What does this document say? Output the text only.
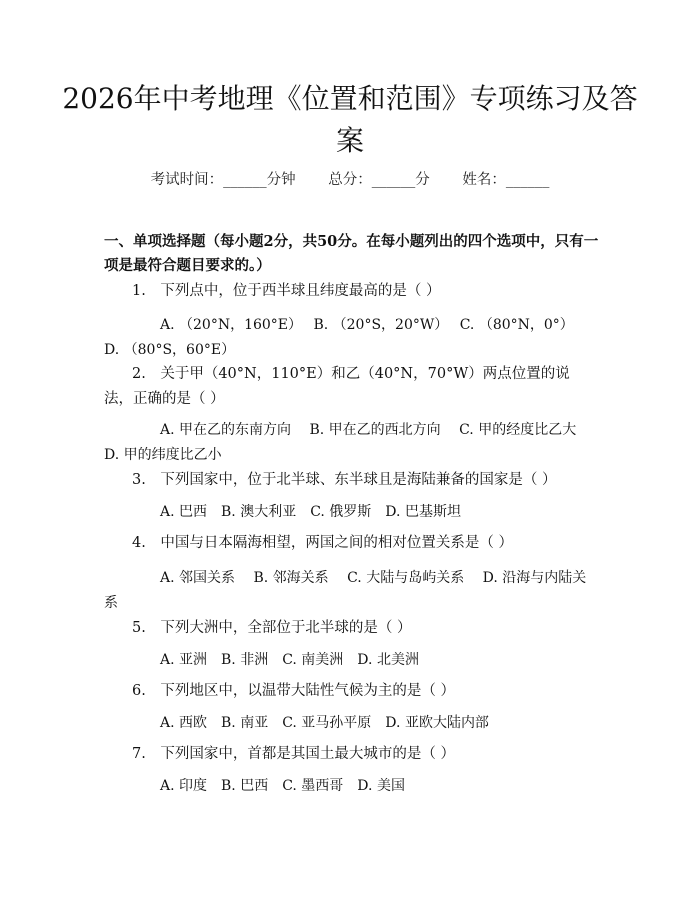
2026年中考地理《位置和范围》专项练习及答案
考试时间：______分钟 总分：______分 姓名：______
一、单项选择题（每小题2分，共50分。在每小题列出的四个选项中，只有一项是最符合题目要求的。）
1.　下列点中，位于西半球且纬度最高的是（ ）
A. （20°N，160°E）　 B. （20°S，20°W）　 C. （80°N，0°）　 D. （80°S，60°E）
2.　关于甲（40°N，110°E）和乙（40°N，70°W）两点位置的说法，正确的是（ ）
A. 甲在乙的东南方向　 B. 甲在乙的西北方向　 C. 甲的经度比乙大　 D. 甲的纬度比乙小
3.　下列国家中，位于北半球、东半球且是海陆兼备的国家是（ ）
A. 巴西　B. 澳大利亚　C. 俄罗斯　D. 巴基斯坦
4.　中国与日本隔海相望，两国之间的相对位置关系是（ ）
A. 邻国关系　 B. 邻海关系　 C. 大陆与岛屿关系　 D. 沿海与内陆关系
5.　下列大洲中，全部位于北半球的是（ ）
A. 亚洲　B. 非洲　C. 南美洲　D. 北美洲
6.　下列地区中，以温带大陆性气候为主的是（ ）
A. 西欧　B. 南亚　C. 亚马孙平原　D. 亚欧大陆内部
7.　下列国家中，首都是其国土最大城市的是（ ）
A. 印度　B. 巴西　C. 墨西哥　D. 美国
